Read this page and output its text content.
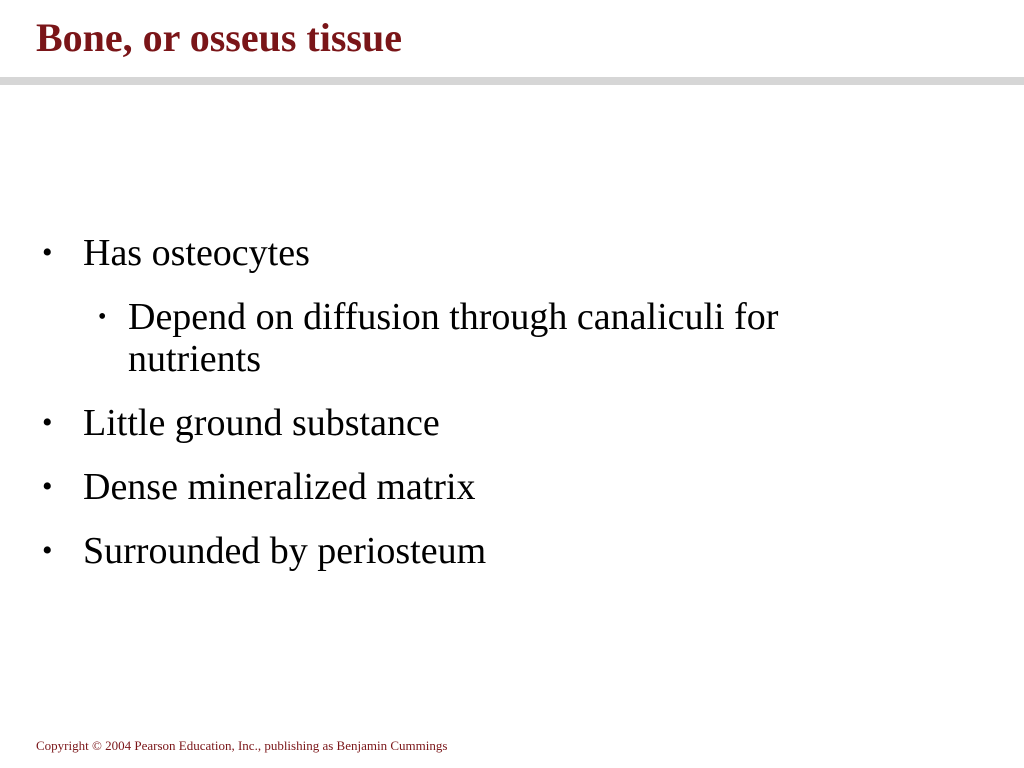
Bone, or osseus tissue
• Has osteocytes
• Depend on diffusion through canaliculi for nutrients
• Little ground substance
• Dense mineralized matrix
• Surrounded by periosteum
Copyright © 2004 Pearson Education, Inc., publishing as Benjamin Cummings
